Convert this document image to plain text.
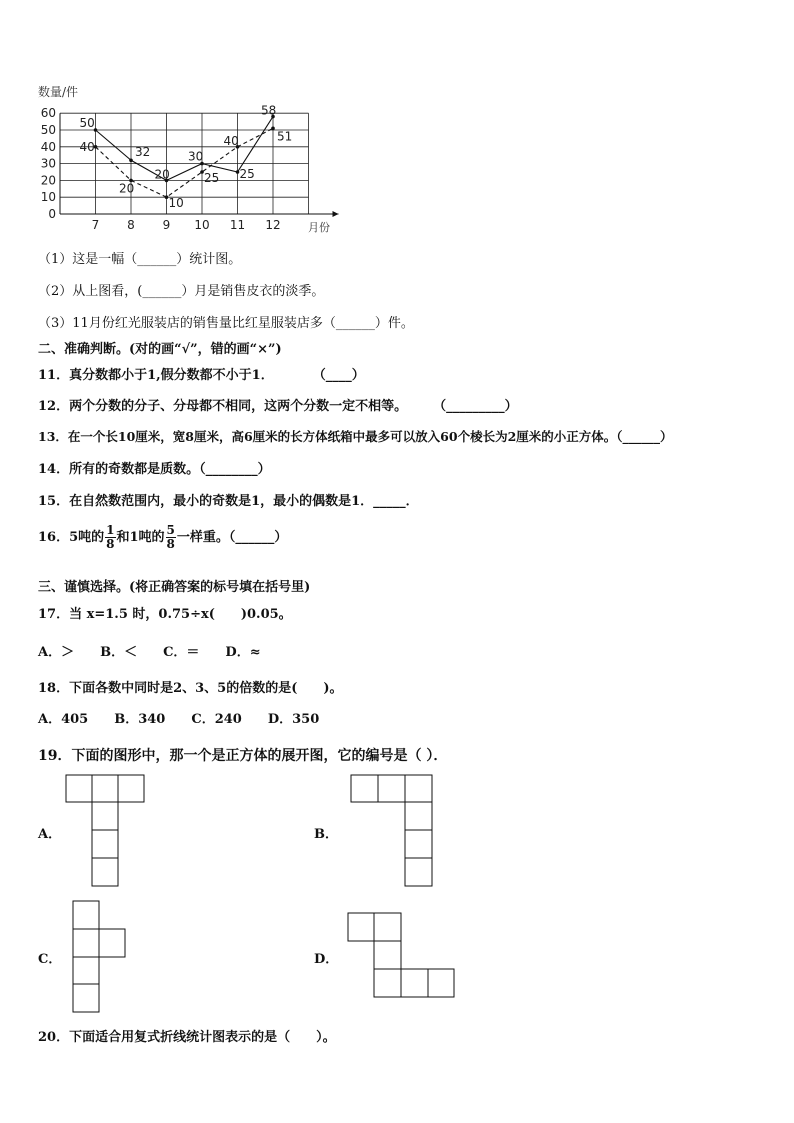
数量/件
月份
0
10
20
30
40
50
60
7 8 9 10 11 12
50
32
20
30
25
58
40
20
10
25
40	51
（1）这是一幅（______）统计图。
（2）从上图看，(______）月是销售皮衣的淡季。
（3）11月份红光服装店的销售量比红星服装店多（______）件。
二、准确判断。(对的画“√”，错的画“×”)
11．真分数都小于1,假分数都不小于1．　　　　（____）
12．两个分数的分子、分母都不相同，这两个分数一定不相等。　　　（_________）
13．在一个长10厘米，宽8厘米，高6厘米的长方体纸箱中最多可以放入60个棱长为2厘米的小正方体。（______）
14．所有的奇数都是质数。（________）
15．在自然数范围内，最小的奇数是1，最小的偶数是1．_____．
16．5吨的 $\frac{1}{8}$ 和1吨的 $\frac{5}{8}$ 一样重。（______）
三、谨慎选择。(将正确答案的标号填在括号里)
17．当 x=1.5 时，0.75÷x(　　)0.05。
A．＞　　B．＜　　C．＝　　D．≈
18．下面各数中同时是2、3、5的倍数的是(　　)。
A．405　　B．340　　C．240　　D．350
19．下面的图形中，那一个是正方体的展开图，它的编号是（ ）．
A．	B．
C．	D．
20．下面适合用复式折线统计图表示的是（　　）。
